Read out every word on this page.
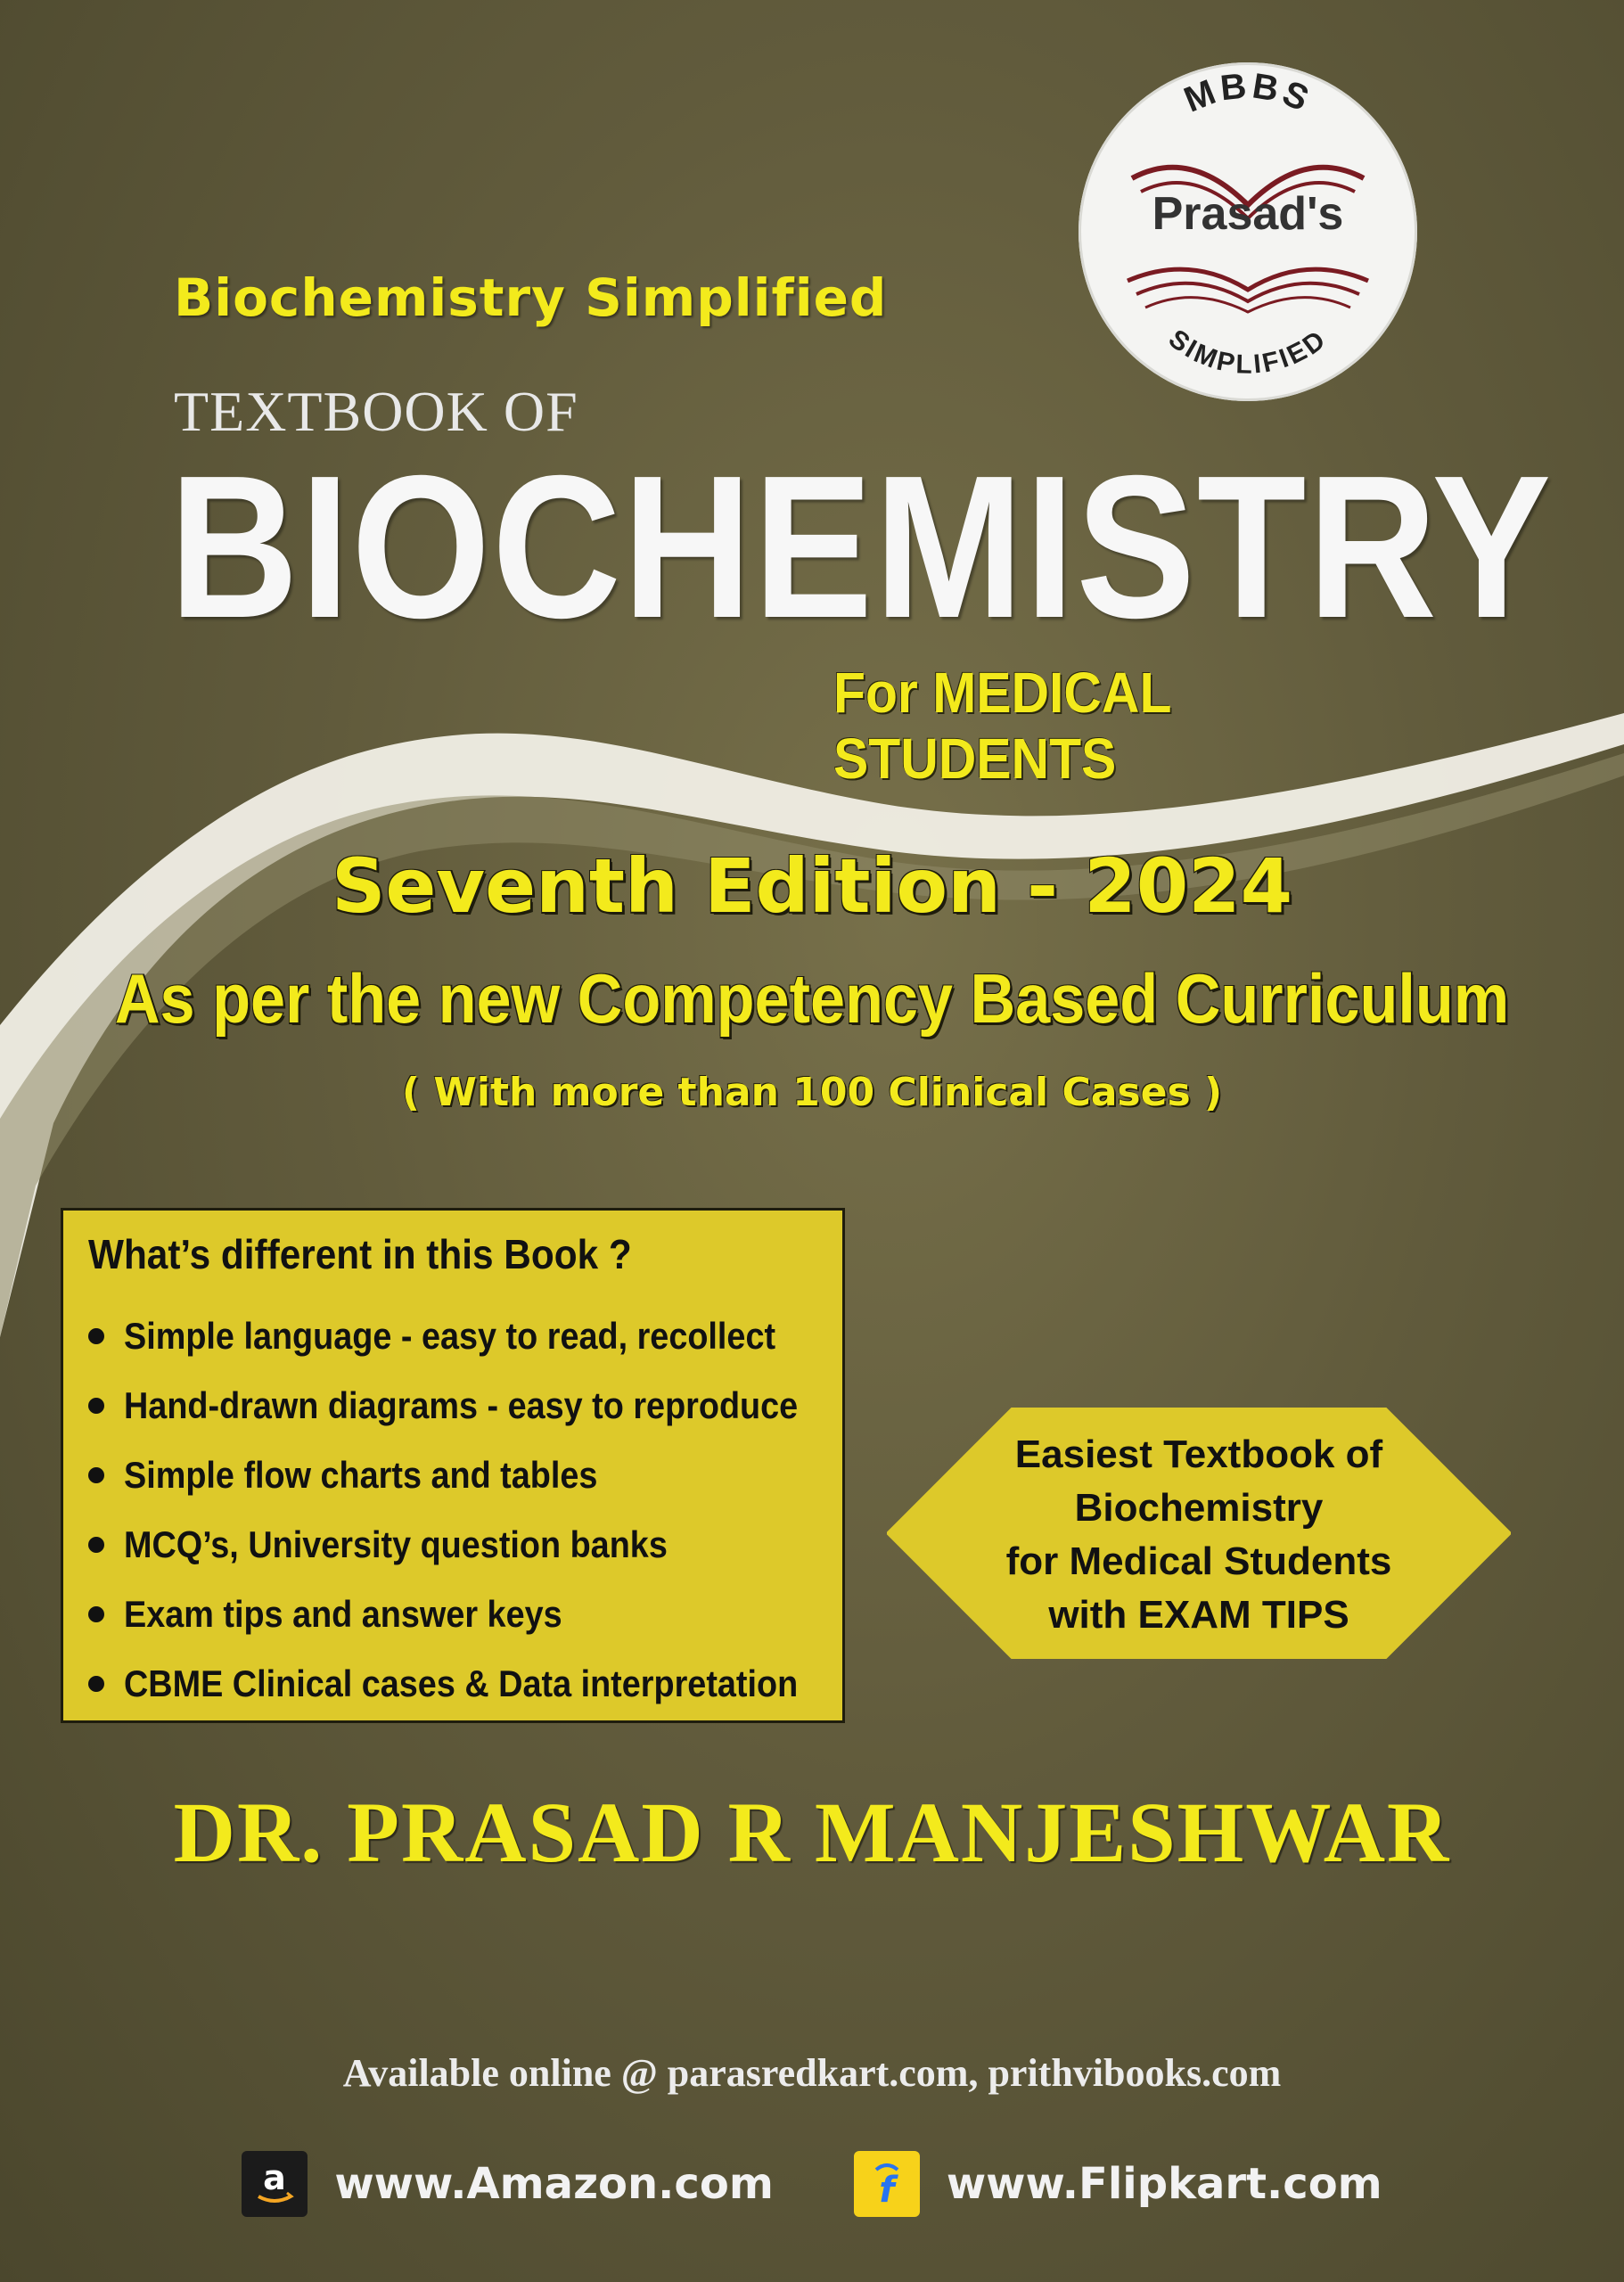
MBBS
SIMPLIFIED
Prasad's
Biochemistry Simplified
TEXTBOOK OF
BIOCHEMISTRY
For MEDICAL STUDENTS
Seventh Edition - 2024
As per the new Competency Based Curriculum
( With more than 100 Clinical Cases )
What’s different in this Book ?
Simple language - easy to read, recollect
Hand-drawn diagrams - easy to reproduce
Simple flow charts and tables
MCQ’s, University question banks
Exam tips and answer keys
CBME Clinical cases & Data interpretation
Easiest Textbook of
Biochemistry
for Medical Students
with EXAM TIPS
DR. PRASAD R MANJESHWAR
Available online @ parasredkart.com, prithvibooks.com
a www.Amazon.com	f www.Flipkart.com
